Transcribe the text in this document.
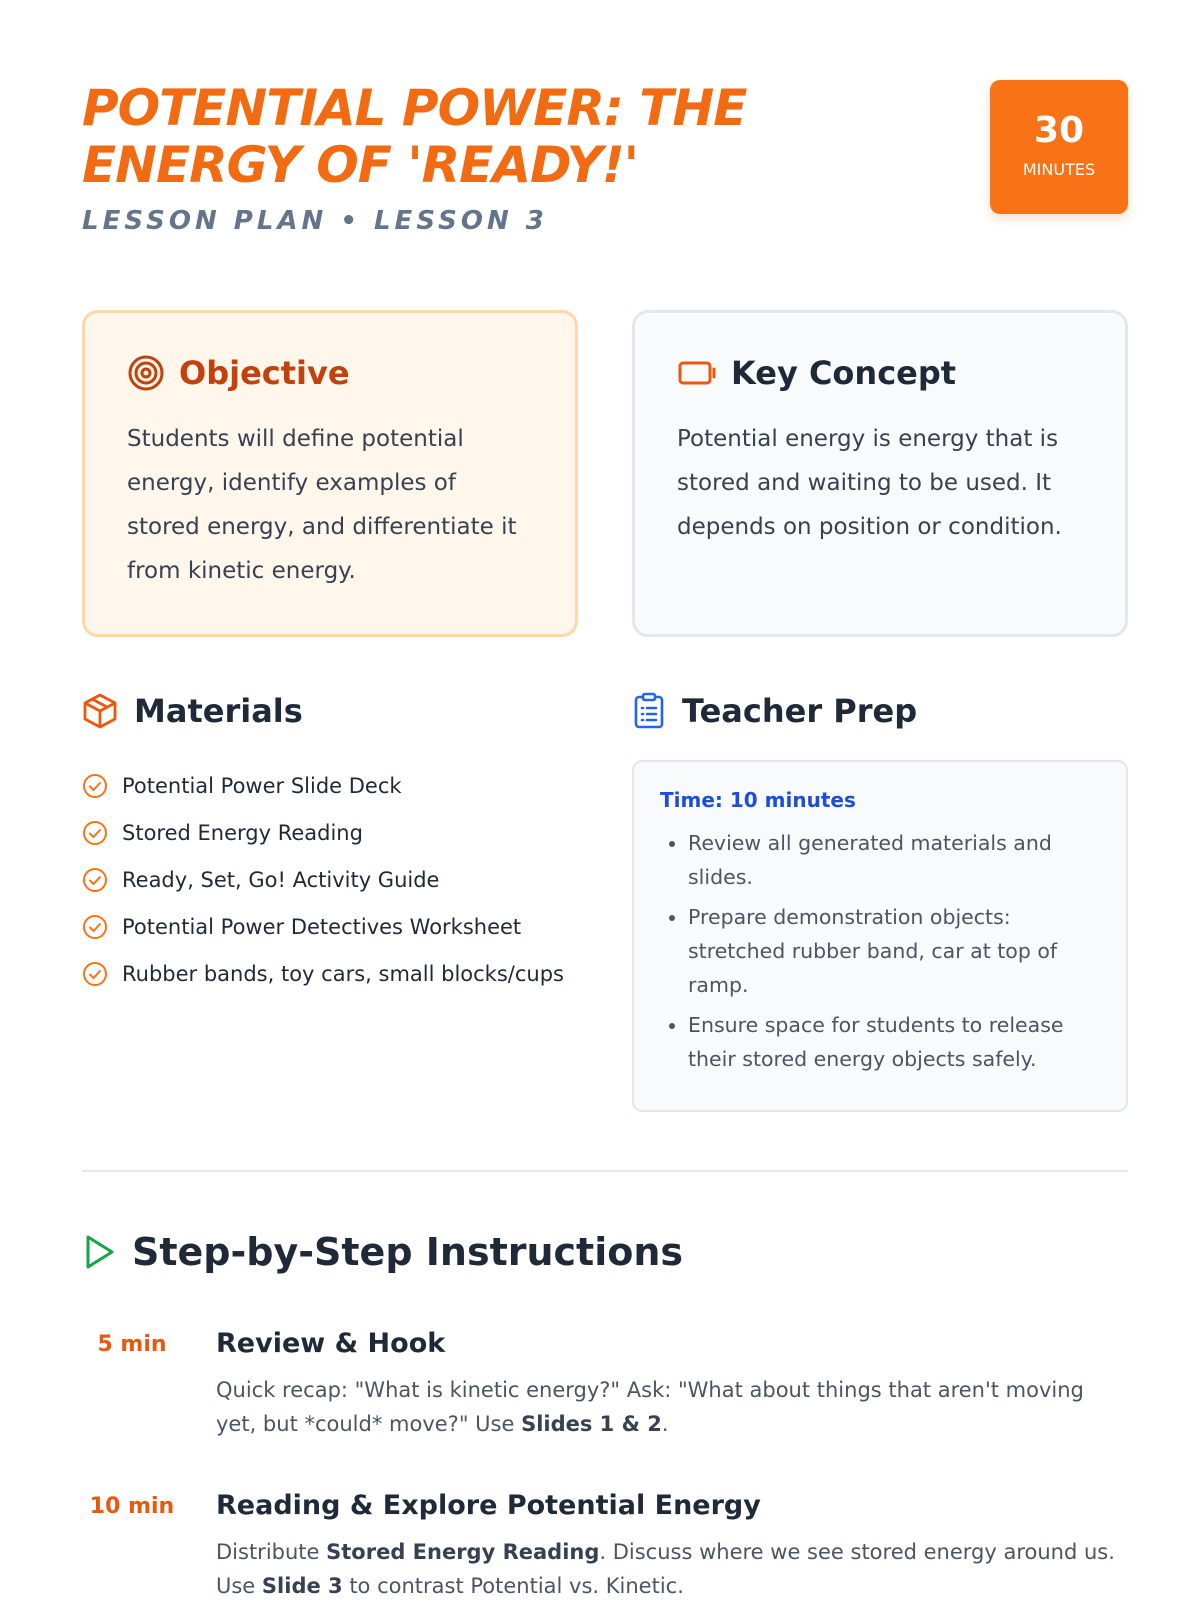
POTENTIAL POWER: THE ENERGY OF 'READY!'
LESSON PLAN • LESSON 3
30
MINUTES
Objective

Students will define potential energy, identify examples of stored energy, and differentiate it from kinetic energy.

Key Concept

Potential energy is energy that is stored and waiting to be used. It depends on position or condition.

Materials
Potential Power Slide Deck
Stored Energy Reading
Ready, Set, Go! Activity Guide
Potential Power Detectives Worksheet
Rubber bands, toy cars, small blocks/cups
Teacher Prep
Time: 10 minutes
• Review all generated materials and slides.
• Prepare demonstration objects: stretched rubber band, car at top of ramp.
• Ensure space for students to release their stored energy objects safely.
Step-by-Step Instructions
5 min	Review & Hook
Quick recap: "What is kinetic energy?" Ask: "What about things that aren't moving yet, but *could* move?" Use Slides 1 & 2.
10 min Reading & Explore Potential Energy
Distribute Stored Energy Reading. Discuss where we see stored energy around us. Use Slide 3 to contrast Potential vs. Kinetic.
